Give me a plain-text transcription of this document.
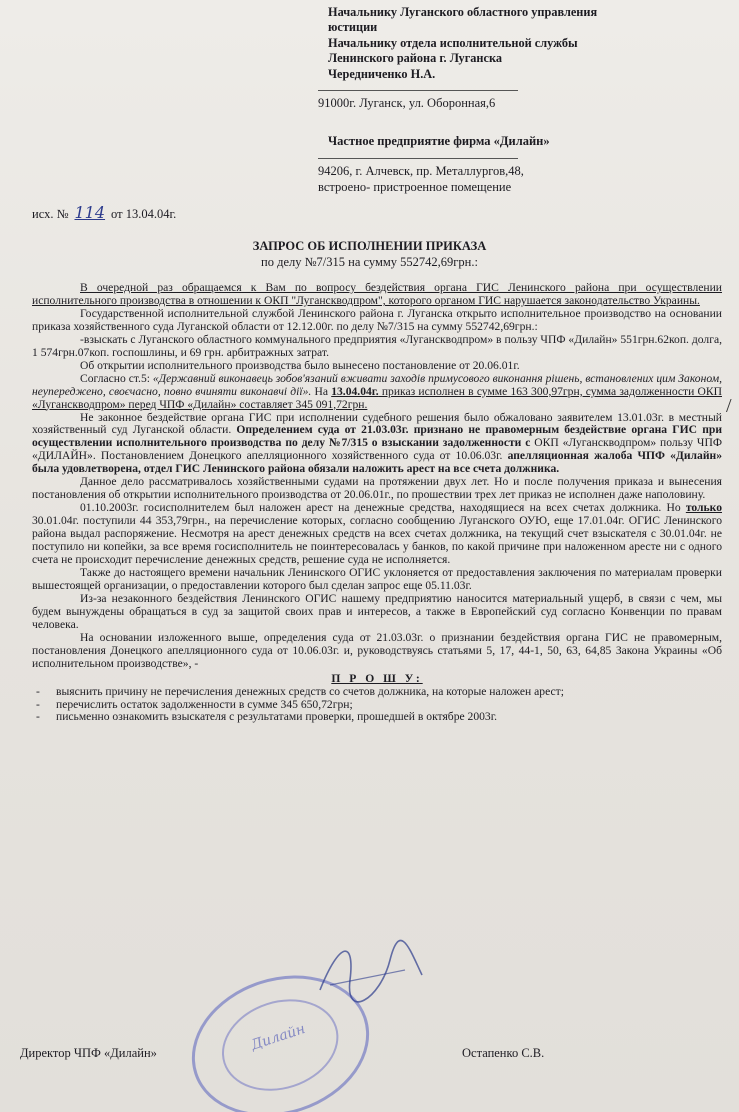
Начальнику Луганского областного управления
юстиции
Начальнику отдела исполнительной службы
Ленинского района г. Луганска
Чередниченко Н.А.
91000г. Луганск, ул. Оборонная,6
Частное предприятие фирма «Дилайн»
94206, г. Алчевск, пр. Металлургов,48,
встроено- пристроенное помещение
исх. № 114 от 13.04.04г.
ЗАПРОС ОБ ИСПОЛНЕНИИ ПРИКАЗА
по делу №7/315 на сумму 552742,69грн.:

В очередной раз обращаемся к Вам по вопросу бездействия органа ГИС Ленинского района при осуществлении исполнительного производства в отношении к ОКП "Луганскводпром", которого органом ГИС нарушается законодательство Украины.

Государственной исполнительной службой Ленинского района г. Луганска открыто исполнительное производство на основании приказа хозяйственного суда Луганской области от 12.12.00г. по делу №7/315 на сумму 552742,69грн.:

-взыскать с Луганского областного коммунального предприятия «Луганскводпром» в пользу ЧПФ «Дилайн» 551грн.62коп. долга, 1 574грн.07коп. госпошлины, и 69 грн. арбитражных затрат.

Об открытии исполнительного производства было вынесено постановление от 20.06.01г.

Согласно ст.5: «Державний виконавець зобов'язаний вживати заходів примусового виконання рішень, встановлених цим Законом, неупереджено, своєчасно, повно вчиняти виконавчі дії». На 13.04.04г. приказ исполнен в сумме 163 300,97грн, сумма задолженности ОКП «Луганскводпром» перед ЧПФ «Дилайн» составляет 345 091,72грн.

Не законное бездействие органа ГИС при исполнении судебного решения было обжаловано заявителем 13.01.03г. в местный хозяйственный суд Луганской области. Определением суда от 21.03.03г. признано не правомерным бездействие органа ГИС при осуществлении исполнительного производства по делу №7/315 о взыскании задолженности с ОКП «Луганскводпром» пользу ЧПФ «ДИЛАЙН». Постановлением Донецкого апелляционного хозяйственного суда от 10.06.03г. апелляционная жалоба ЧПФ «Дилайн» была удовлетворена, отдел ГИС Ленинского района обязали наложить арест на все счета должника.

Данное дело рассматривалось хозяйственными судами на протяжении двух лет. Но и после получения приказа и вынесения постановления об открытии исполнительного производства от 20.06.01г., по прошествии трех лет приказ не исполнен даже наполовину.

01.10.2003г. госисполнителем был наложен арест на денежные средства, находящиеся на всех счетах должника. Но только 30.01.04г. поступили 44 353,79грн., на перечисление которых, согласно сообщению Луганского ОУЮ, еще 17.01.04г. ОГИС Ленинского района выдал распоряжение. Несмотря на арест денежных средств на всех счетах должника, на текущий счет взыскателя с 30.01.04г. не поступило ни копейки, за все время госисполнитель не поинтересовалась у банков, по какой причине при наложенном аресте ни с одного счета не происходит перечисление денежных средств, решение суда не исполняется.

Также до настоящего времени начальник Ленинского ОГИС уклоняется от предоставления заключения по материалам проверки вышестоящей организации, о предоставлении которого был сделан запрос еще 05.11.03г.

Из-за незаконного бездействия Ленинского ОГИС нашему предприятию наносится материальный ущерб, в связи с чем, мы будем вынуждены обращаться в суд за защитой своих прав и интересов, а также в Европейский суд согласно Конвенции по правам человека.

На основании изложенного выше, определения суда от 21.03.03г. о признании бездействия органа ГИС не правомерным, постановления Донецкого апелляционного суда от 10.06.03г. и, руководствуясь статьями 5, 17, 44-1, 50, 63, 64,85 Закона Украины «Об исполнительном производстве», -

П Р О Ш У:

- выяснить причину не перечисления денежных средств со счетов должника, на которые наложен арест;

- перечислить остаток задолженности в сумме 345 650,72грн;

- письменно ознакомить взыскателя с результатами проверки, прошедшей в октябре 2003г.

Дилайн
Директор ЧПФ «Дилайн»	Остапенко С.В.
/
